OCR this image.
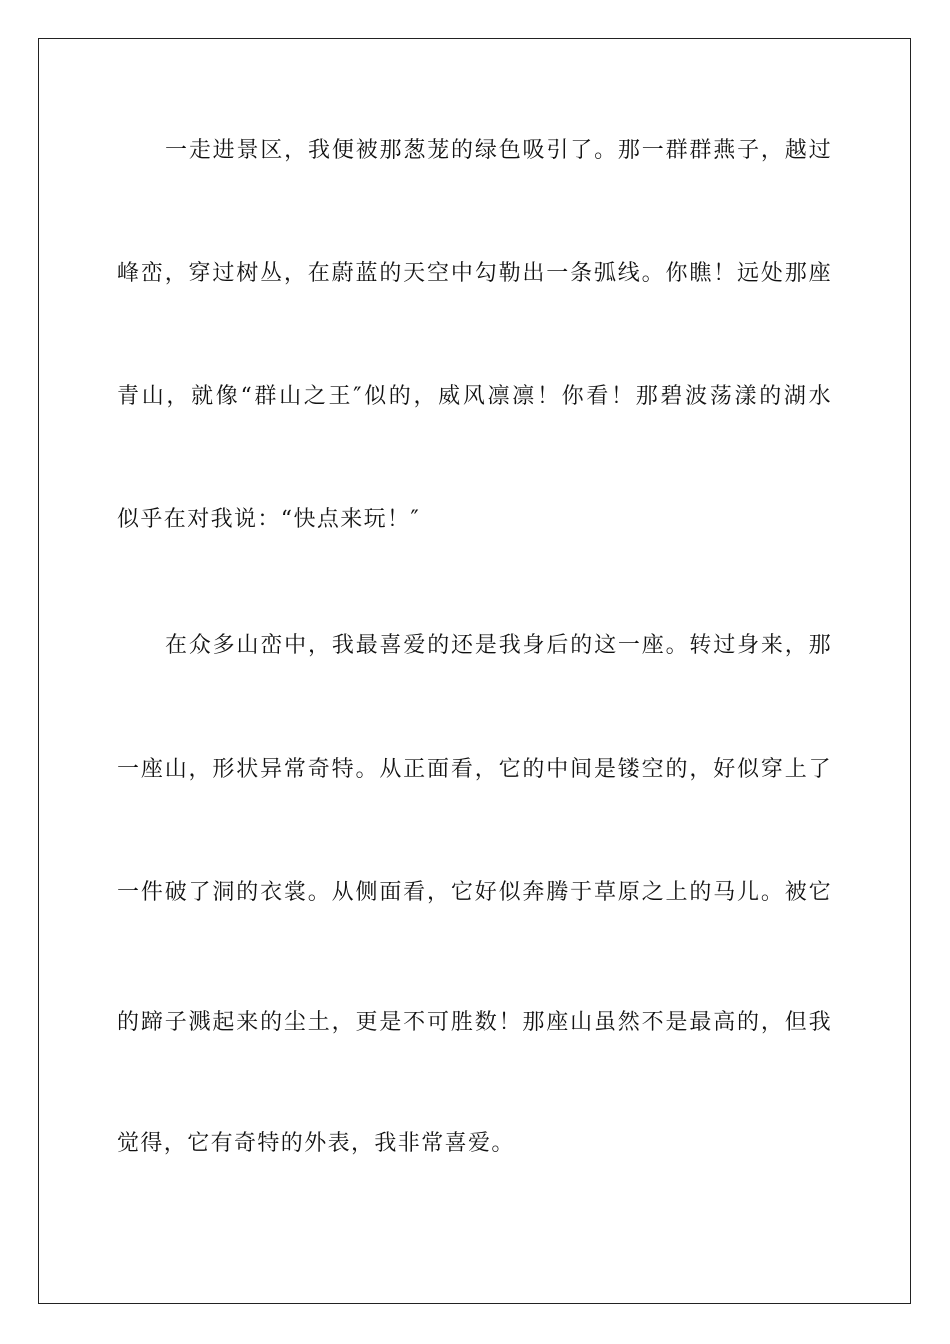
一走进景区，我便被那葱茏的绿色吸引了。那一群群燕子，越过
峰峦，穿过树丛，在蔚蓝的天空中勾勒出一条弧线。你瞧！远处那座
青山，就像“群山之王″似的，威风凛凛！你看！那碧波荡漾的湖水
似乎在对我说：“快点来玩！″
在众多山峦中，我最喜爱的还是我身后的这一座。转过身来，那
一座山，形状异常奇特。从正面看，它的中间是镂空的，好似穿上了
一件破了洞的衣裳。从侧面看，它好似奔腾于草原之上的马儿。被它
的蹄子溅起来的尘土，更是不可胜数！那座山虽然不是最高的，但我
觉得，它有奇特的外表，我非常喜爱。
